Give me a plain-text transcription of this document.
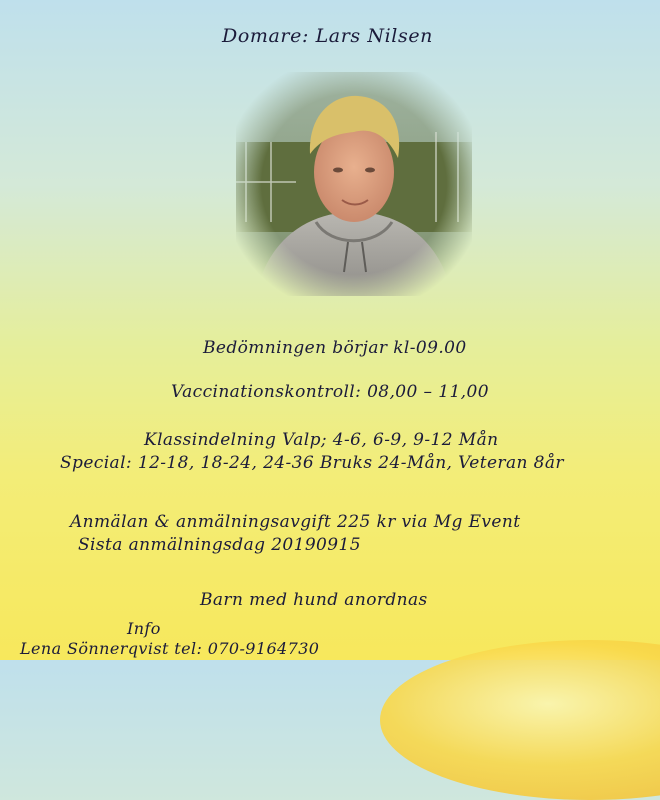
Domare: Lars Nilsen
Bedömningen börjar kl-09.00
Vaccinationskontroll: 08,00 – 11,00
Klassindelning Valp; 4-6, 6-9, 9-12 Mån
Special: 12-18, 18-24, 24-36 Bruks 24-Mån, Veteran 8år
Anmälan & anmälningsavgift 225 kr via Mg Event
Sista anmälningsdag 20190915
Barn med hund anordnas
Info
Lena Sönnerqvist tel: 070-9164730
